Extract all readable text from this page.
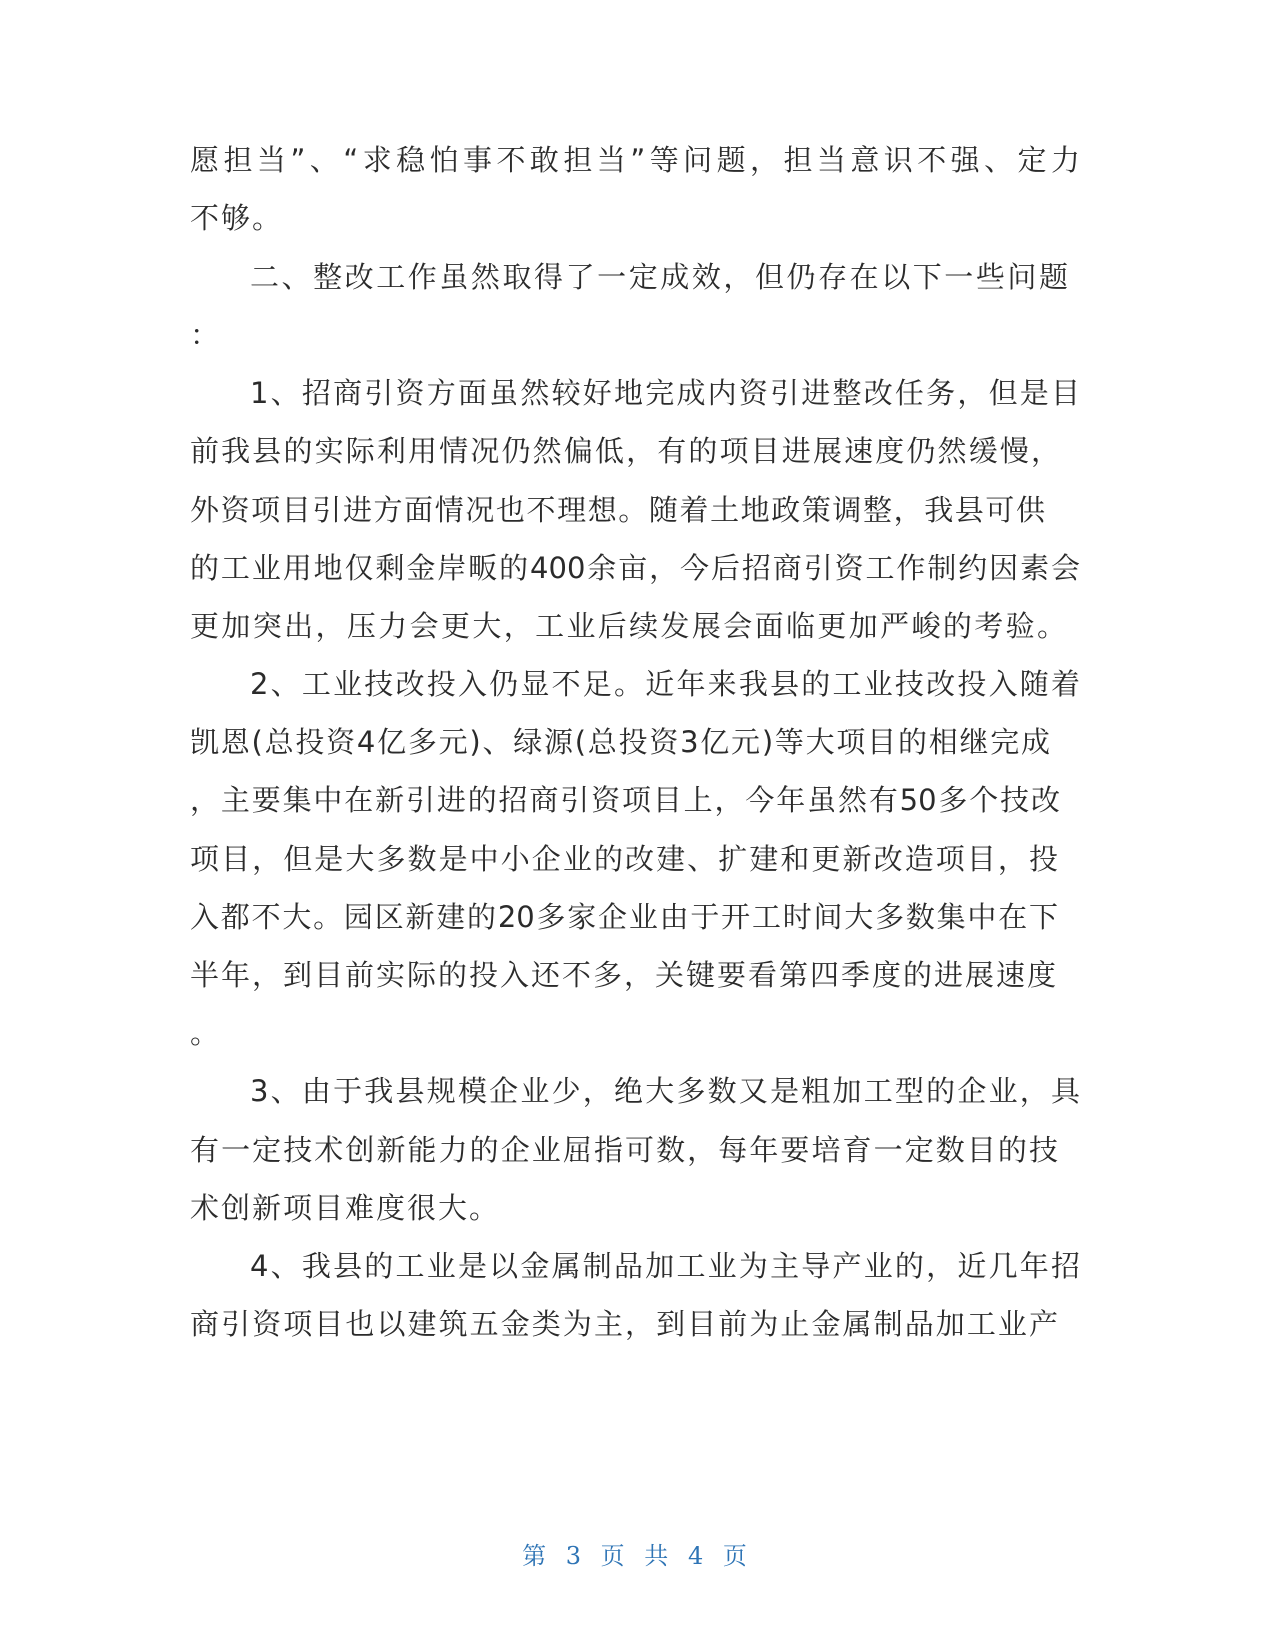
愿担当”、“求稳怕事不敢担当”等问题，担当意识不强、定力
不够。
二、整改工作虽然取得了一定成效，但仍存在以下一些问题
：
1、招商引资方面虽然较好地完成内资引进整改任务，但是目
前我县的实际利用情况仍然偏低，有的项目进展速度仍然缓慢，
外资项目引进方面情况也不理想。随着土地政策调整，我县可供
的工业用地仅剩金岸畈的400余亩，今后招商引资工作制约因素会
更加突出，压力会更大，工业后续发展会面临更加严峻的考验。
2、工业技改投入仍显不足。近年来我县的工业技改投入随着
凯恩(总投资4亿多元)、绿源(总投资3亿元)等大项目的相继完成
，主要集中在新引进的招商引资项目上，今年虽然有50多个技改
项目，但是大多数是中小企业的改建、扩建和更新改造项目，投
入都不大。园区新建的20多家企业由于开工时间大多数集中在下
半年，到目前实际的投入还不多，关键要看第四季度的进展速度
。
3、由于我县规模企业少，绝大多数又是粗加工型的企业，具
有一定技术创新能力的企业屈指可数，每年要培育一定数目的技
术创新项目难度很大。
4、我县的工业是以金属制品加工业为主导产业的，近几年招
商引资项目也以建筑五金类为主，到目前为止金属制品加工业产
第 3 页 共 4 页
